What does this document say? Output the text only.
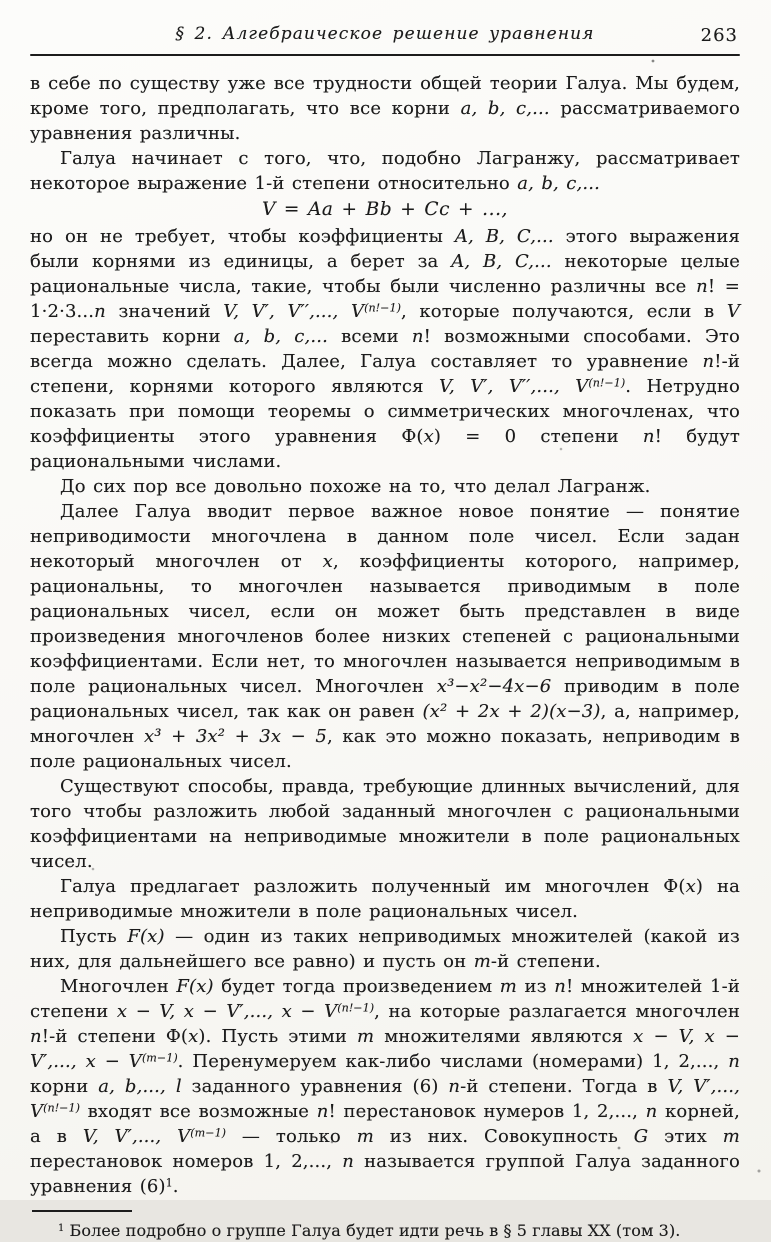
§ 2. Алгебраическое решение уравнения	263

в себе по существу уже все трудности общей теории Галуа. Мы будем, кроме того, предполагать, что все корни a, b, c,... рассматриваемого уравнения различны.

Галуа начинает с того, что, подобно Лагранжу, рассматривает некоторое выражение 1-й степени относительно a, b, c,...

V = Aa + Bb + Cc + ...,

но он не требует, чтобы коэффициенты A, B, C,... этого выражения были корнями из единицы, а берет за A, B, C,... некоторые целые рациональные числа, такие, чтобы были численно различны все n! = 1·2·3...n значений V, V′, V′′,..., $V^{(n!-1)}$, которые получаются, если в V переставить корни a, b, c,... всеми n! возможными способами. Это всегда можно сделать. Далее, Галуа составляет то уравнение n!-й степени, корнями которого являются V, V′, V′′,..., $V^{(n!-1)}$. Нетрудно показать при помощи теоремы о симметрических многочленах, что коэффициенты этого уравнения Ф(x) = 0 степени n! будут рациональными числами.

До сих пор все довольно похоже на то, что делал Лагранж.

Далее Галуа вводит первое важное новое понятие — понятие неприводимости многочлена в данном поле чисел. Если задан некоторый многочлен от x, коэффициенты которого, например, рациональны, то многочлен называется приводимым в поле рациональных чисел, если он может быть представлен в виде произведения многочленов более низких степеней с рациональными коэффициентами. Если нет, то многочлен называется неприводимым в поле рациональных чисел. Многочлен x³−x²−4x−6 приводим в поле рациональных чисел, так как он равен (x² + 2x + 2)(x−3), а, например, многочлен x³ + 3x² + 3x − 5, как это можно показать, неприводим в поле рациональных чисел.

Существуют способы, правда, требующие длинных вычислений, для того чтобы разложить любой заданный многочлен с рациональными коэффициентами на неприводимые множители в поле рациональных чисел.

Галуа предлагает разложить полученный им многочлен Ф(x) на неприводимые множители в поле рациональных чисел.

Пусть F(x) — один из таких неприводимых множителей (какой из них, для дальнейшего все равно) и пусть он m-й степени.

Многочлен F(x) будет тогда произведением m из n! множителей 1-й степени x − V, x − V′,..., $x - V^{(n!-1)}$, на которые разлагается многочлен n!-й степени Ф(x). Пусть этими m множителями являются x − V, x − V′,..., $x - V^{(m-1)}$. Перенумеруем как-либо числами (номерами) 1, 2,..., n корни a, b,..., l заданного уравнения (6) n-й степени. Тогда в V, V′,..., $V^{(n!-1)}$ входят все возможные n! перестановок нумеров 1, 2,..., n корней, а в V, V′,..., $V^{(m-1)}$ — только m из них. Совокупность G этих m перестановок номеров 1, 2,..., n называется группой Галуа заданного уравнения $(6)^1$.

$^1$ Более подробно о группе Галуа будет идти речь в § 5 главы XX (том 3).
